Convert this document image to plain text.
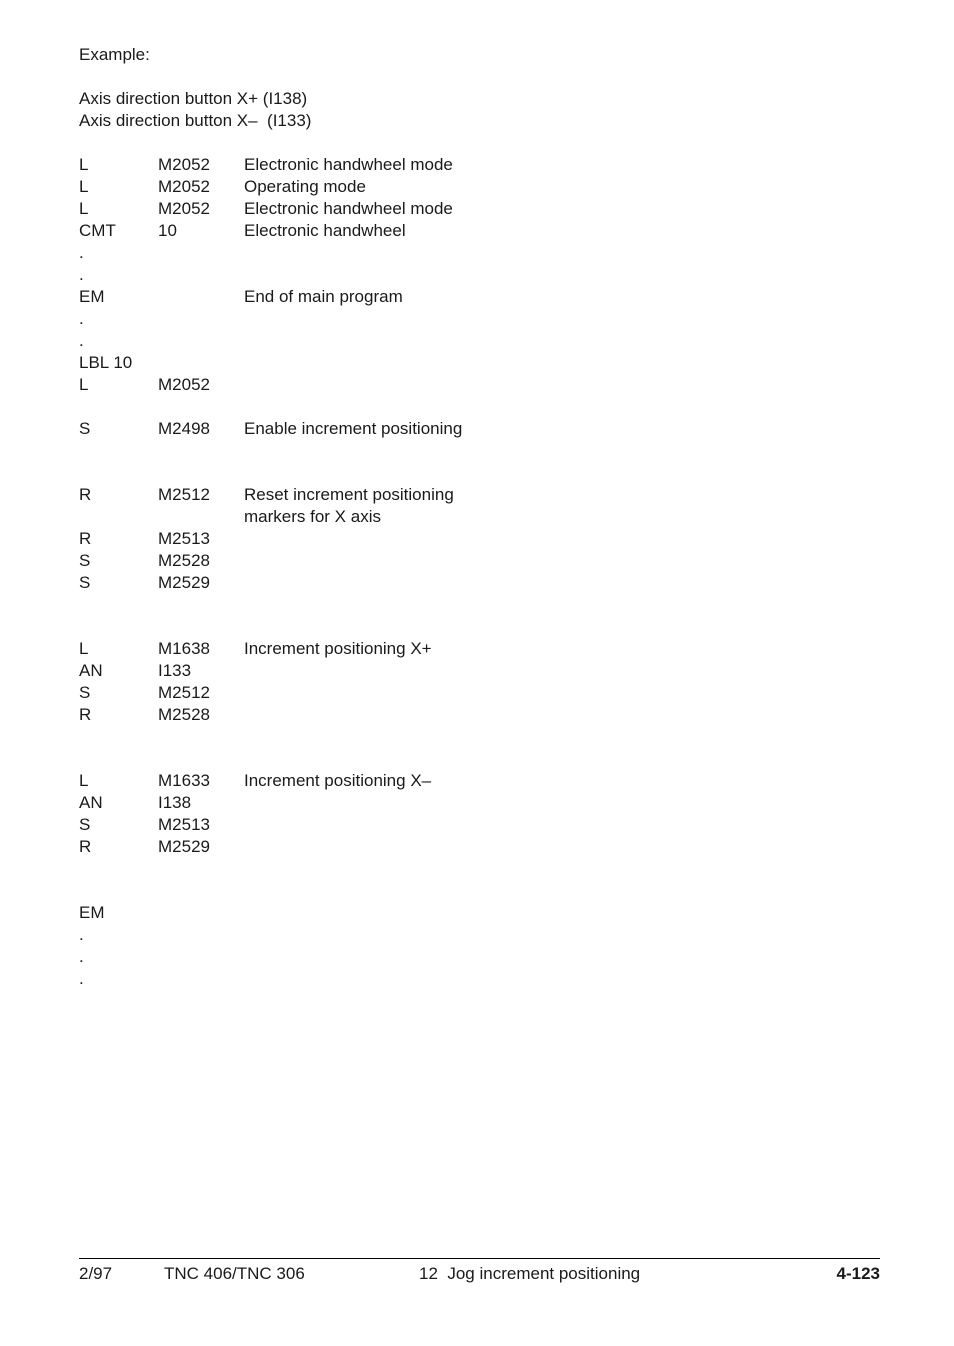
Example:
Axis direction button X+ (I138)
Axis direction button X–  (I133)
L	M2052 Electronic handwheel mode
L	M2052 Operating mode
L	M2052 Electronic handwheel mode
CMT 10	Electronic handwheel
.
.
EM	End of main program
.
.
LBL 10
L	M2052
S	M2498 Enable increment positioning
R	M2512 Reset increment positioning
markers for X axis
R	M2513
S	M2528
S	M2529
L	M1638 Increment positioning X+
AN	I133
S	M2512
R	M2528
L	M1633 Increment positioning X–
AN	I138
S	M2513
R	M2529
EM
.
.
.
2/97	TNC 406/TNC 306	12  Jog increment positioning	4-123
